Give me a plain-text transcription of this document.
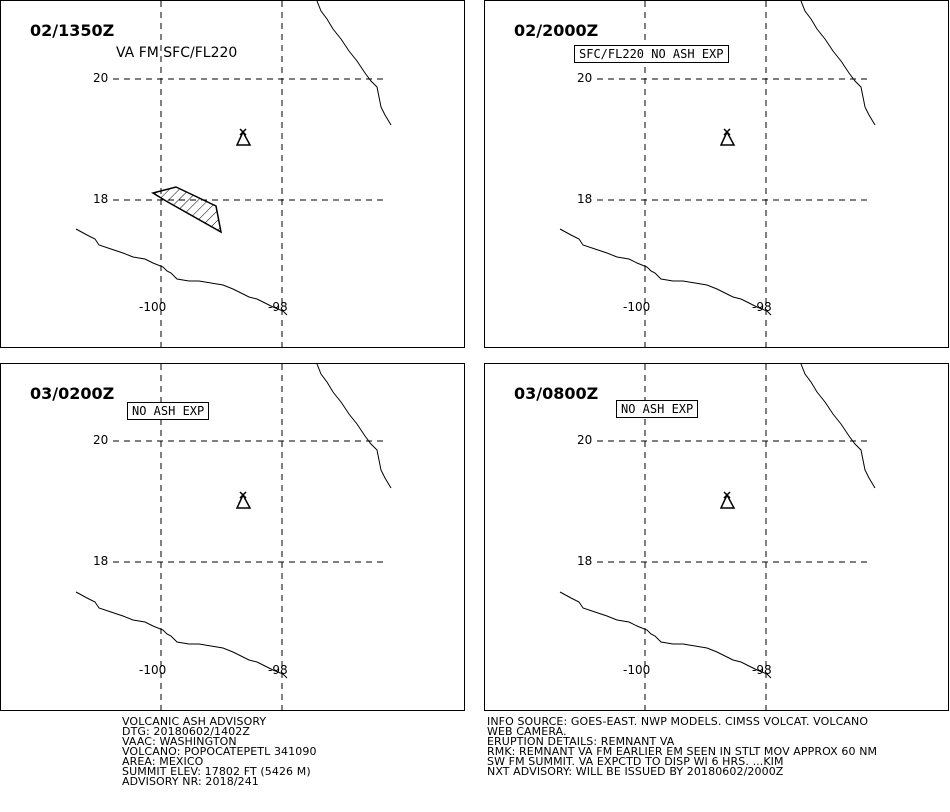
02/1350Z
VA FM SFC/FL220
20
18
-100	-98
02/2000Z
SFC/FL220 NO ASH EXP
20
18
-100	-98
03/0200Z
NO ASH EXP
20
18
-100	-98
03/0800Z
NO ASH EXP
20
18
-100	-98
VOLCANIC ASH ADVISORY
DTG: 20180602/1402Z
VAAC: WASHINGTON
VOLCANO: POPOCATEPETL 341090
AREA: MEXICO
SUMMIT ELEV: 17802 FT (5426 M)
ADVISORY NR: 2018/241
INFO SOURCE: GOES-EAST. NWP MODELS. CIMSS VOLCAT. VOLCANO
WEB CAMERA.
ERUPTION DETAILS: REMNANT VA
RMK: REMNANT VA FM EARLIER EM SEEN IN STLT MOV APPROX 60 NM
SW FM SUMMIT. VA EXPCTD TO DISP WI 6 HRS. ...KIM
NXT ADVISORY: WILL BE ISSUED BY 20180602/2000Z
